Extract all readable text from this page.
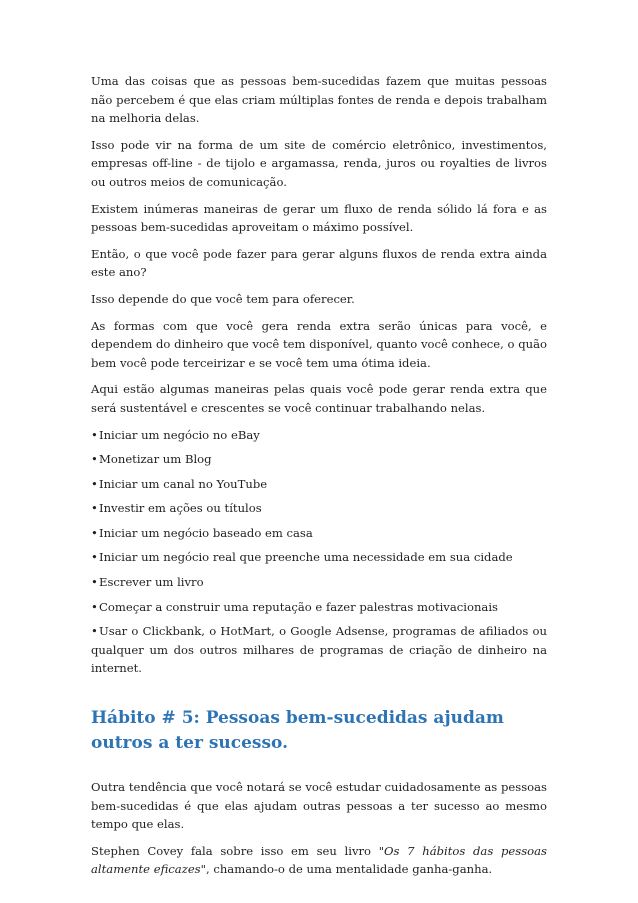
Uma das coisas que as pessoas bem-sucedidas fazem que muitas pessoas não percebem é que elas criam múltiplas fontes de renda e depois trabalham na melhoria delas.

Isso pode vir na forma de um site de comércio eletrônico, investimentos, empresas off-line - de tijolo e argamassa, renda, juros ou royalties de livros ou outros meios de comunicação.

Existem inúmeras maneiras de gerar um fluxo de renda sólido lá fora e as pessoas bem-sucedidas aproveitam o máximo possível.

Então, o que você pode fazer para gerar alguns fluxos de renda extra ainda este ano?

Isso depende do que você tem para oferecer.

As formas com que você gera renda extra serão únicas para você, e dependem do dinheiro que você tem disponível, quanto você conhece, o quão bem você pode terceirizar e se você tem uma ótima ideia.

Aqui estão algumas maneiras pelas quais você pode gerar renda extra que será sustentável e crescentes se você continuar trabalhando nelas.

•Iniciar um negócio no eBay
•Monetizar um Blog
•Iniciar um canal no YouTube
•Investir em ações ou títulos
•Iniciar um negócio baseado em casa
•Iniciar um negócio real que preenche uma necessidade em sua cidade
•Escrever um livro
•Começar a construir uma reputação e fazer palestras motivacionais
•Usar o Clickbank, o HotMart, o Google Adsense, programas de afiliados ou qualquer um dos outros milhares de programas de criação de dinheiro na internet.
Hábito # 5: Pessoas bem-sucedidas ajudam outros a ter sucesso.

Outra tendência que você notará se você estudar cuidadosamente as pessoas bem-sucedidas é que elas ajudam outras pessoas a ter sucesso ao mesmo tempo que elas.

Stephen Covey fala sobre isso em seu livro "Os 7 hábitos das pessoas altamente eficazes", chamando-o de uma mentalidade ganha-ganha.
